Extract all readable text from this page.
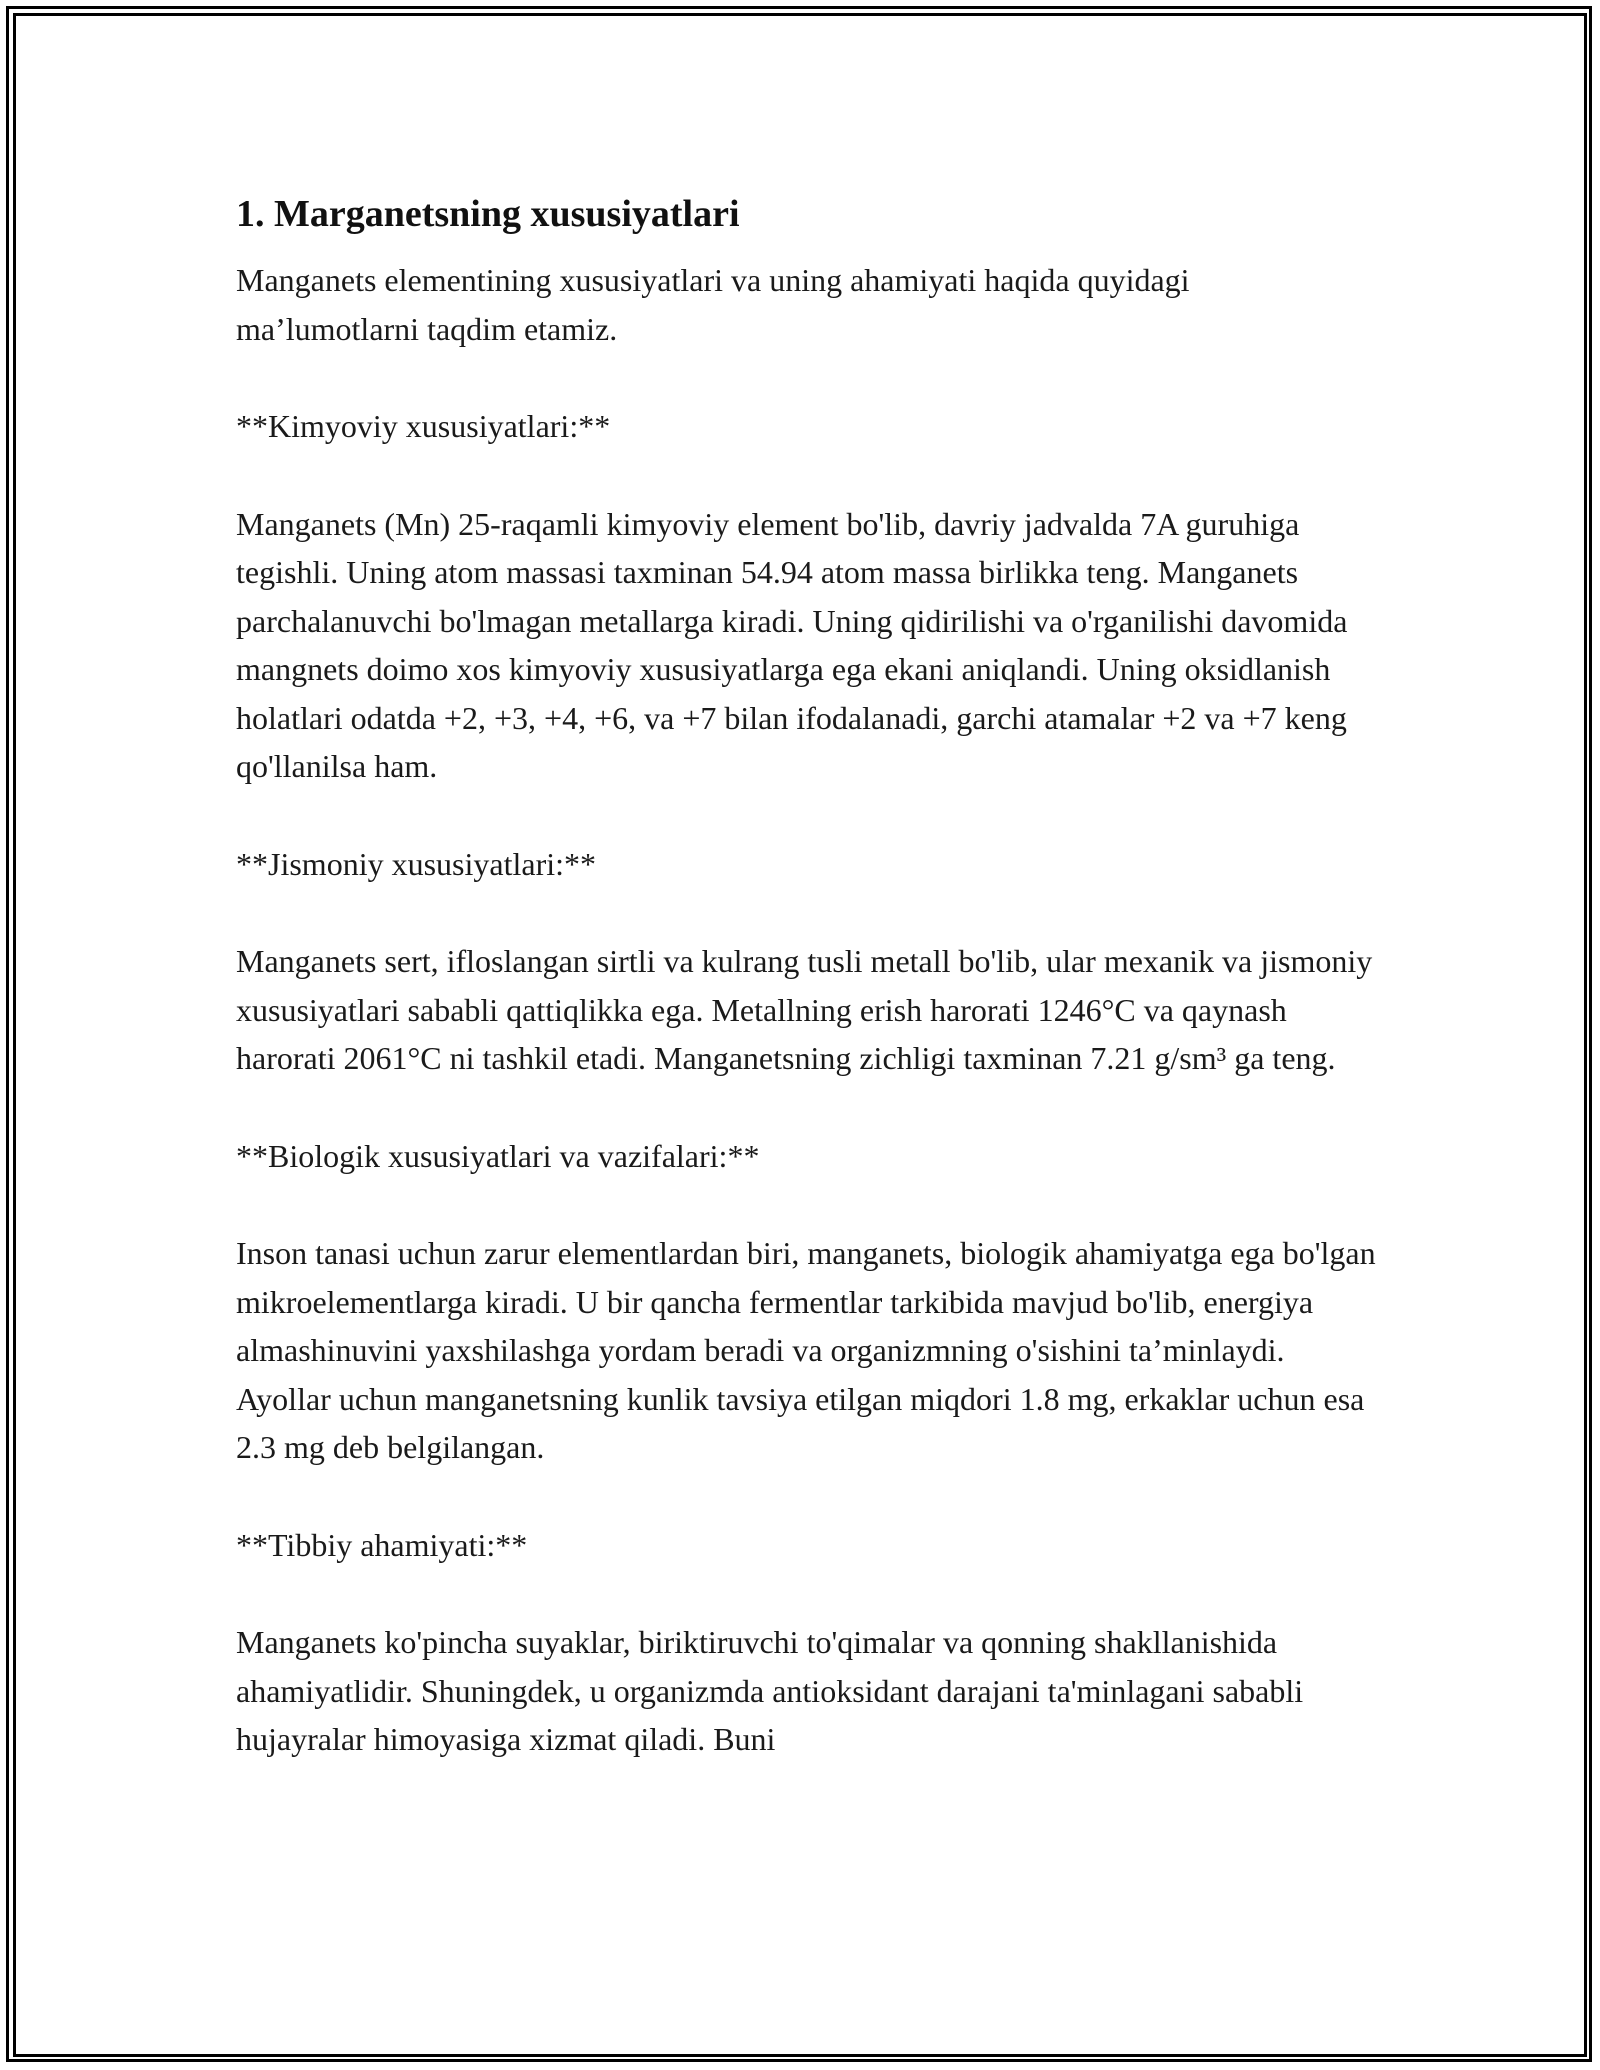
1. Marganetsning xususiyatlari

Manganets elementining xususiyatlari va uning ahamiyati haqida quyidagi ma’lumotlarni taqdim etamiz.

**Kimyoviy xususiyatlari:**

Manganets (Mn) 25-raqamli kimyoviy element bo'lib, davriy jadvalda 7A guruhiga tegishli. Uning atom massasi taxminan 54.94 atom massa birlikka teng. Manganets parchalanuvchi bo'lmagan metallarga kiradi. Uning qidirilishi va o'rganilishi davomida mangnets doimo xos kimyoviy xususiyatlarga ega ekani aniqlandi. Uning oksidlanish holatlari odatda +2, +3, +4, +6, va +7 bilan ifodalanadi, garchi atamalar +2 va +7 keng qo'llanilsa ham.

**Jismoniy xususiyatlari:**

Manganets sert, ifloslangan sirtli va kulrang tusli metall bo'lib, ular mexanik va jismoniy xususiyatlari sababli qattiqlikka ega. Metallning erish harorati 1246°C va qaynash harorati 2061°C ni tashkil etadi. Manganetsning zichligi taxminan 7.21 g/sm³ ga teng.

**Biologik xususiyatlari va vazifalari:**

Inson tanasi uchun zarur elementlardan biri, manganets, biologik ahamiyatga ega bo'lgan mikroelementlarga kiradi. U bir qancha fermentlar tarkibida mavjud bo'lib, energiya almashinuvini yaxshilashga yordam beradi va organizmning o'sishini ta’minlaydi. Ayollar uchun manganetsning kunlik tavsiya etilgan miqdori 1.8 mg, erkaklar uchun esa 2.3 mg deb belgilangan.

**Tibbiy ahamiyati:**

Manganets ko'pincha suyaklar, biriktiruvchi to'qimalar va qonning shakllanishida ahamiyatlidir. Shuningdek, u organizmda antioksidant darajani ta'minlagani sababli hujayralar himoyasiga xizmat qiladi. Buni
